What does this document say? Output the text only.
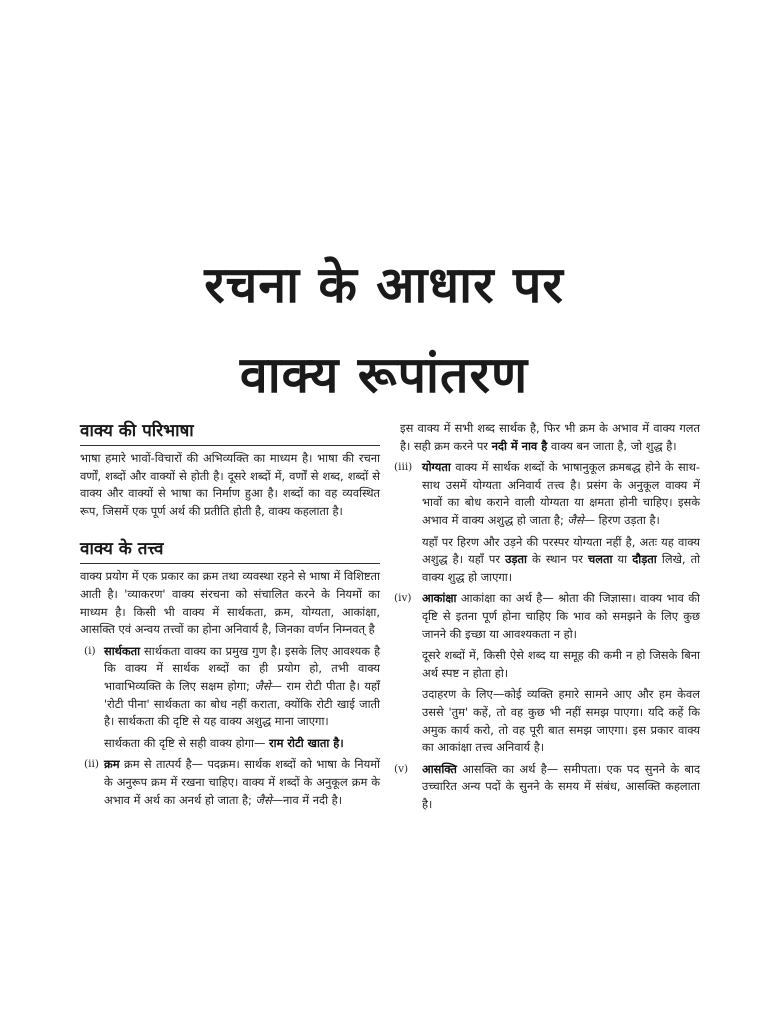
रचना के आधार पर
वाक्य रूपांतरण
वाक्य की परिभाषा

भाषा हमारे भावों-विचारों की अभिव्यक्ति का माध्यम है। भाषा की रचना वर्णों, शब्दों और वाक्यों से होती है। दूसरे शब्दों में, वर्णों से शब्द, शब्दों से वाक्य और वाक्यों से भाषा का निर्माण हुआ है। शब्दों का वह व्यवस्थित रूप, जिसमें एक पूर्ण अर्थ की प्रतीति होती है, वाक्य कहलाता है।

वाक्य के तत्त्व

वाक्य प्रयोग में एक प्रकार का क्रम तथा व्यवस्था रहने से भाषा में विशिष्टता आती है। 'व्याकरण' वाक्य संरचना को संचालित करने के नियमों का माध्यम है। किसी भी वाक्य में सार्थकता, क्रम, योग्यता, आकांक्षा, आसक्ति एवं अन्वय तत्त्वों का होना अनिवार्य है, जिनका वर्णन निम्नवत् है

(i) सार्थकता सार्थकता वाक्य का प्रमुख गुण है। इसके लिए आवश्यक है कि वाक्य में सार्थक शब्दों का ही प्रयोग हो, तभी वाक्य भावाभिव्यक्ति के लिए सक्षम होगा; जैसे— राम रोटी पीता है। यहाँ 'रोटी पीना' सार्थकता का बोध नहीं कराता, क्योंकि रोटी खाई जाती है। सार्थकता की दृष्टि से यह वाक्य अशुद्ध माना जाएगा।

सार्थकता की दृष्टि से सही वाक्य होगा— राम रोटी खाता है।

(ii) क्रम क्रम से तात्पर्य है— पदक्रम। सार्थक शब्दों को भाषा के नियमों के अनुरूप क्रम में रखना चाहिए। वाक्य में शब्दों के अनुकूल क्रम के अभाव में अर्थ का अनर्थ हो जाता है; जैसे—नाव में नदी है।

इस वाक्य में सभी शब्द सार्थक है, फिर भी क्रम के अभाव में वाक्य गलत है। सही क्रम करने पर नदी में नाव है वाक्य बन जाता है, जो शुद्ध है।

(iii) योग्यता वाक्य में सार्थक शब्दों के भाषानुकूल क्रमबद्ध होने के साथ-साथ उसमें योग्यता अनिवार्य तत्त्व है। प्रसंग के अनुकूल वाक्य में भावों का बोध कराने वाली योग्यता या क्षमता होनी चाहिए। इसके अभाव में वाक्य अशुद्ध हो जाता है; जैसे— हिरण उड़ता है।

यहाँ पर हिरण और उड़ने की परस्पर योग्यता नहीं है, अतः यह वाक्य अशुद्ध है। यहाँ पर उड़ता के स्थान पर चलता या दौड़ता लिखे, तो वाक्य शुद्ध हो जाएगा।

(iv) आकांक्षा आकांक्षा का अर्थ है— श्रोता की जिज्ञासा। वाक्य भाव की दृष्टि से इतना पूर्ण होना चाहिए कि भाव को समझने के लिए कुछ जानने की इच्छा या आवश्यकता न हो।

दूसरे शब्दों में, किसी ऐसे शब्द या समूह की कमी न हो जिसके बिना अर्थ स्पष्ट न होता हो।

उदाहरण के लिए—कोई व्यक्ति हमारे सामने आए और हम केवल उससे 'तुम' कहें, तो वह कुछ भी नहीं समझ पाएगा। यदि कहें कि अमुक कार्य करो, तो वह पूरी बात समझ जाएगा। इस प्रकार वाक्य का आकांक्षा तत्त्व अनिवार्य है।

(v) आसक्ति आसक्ति का अर्थ है— समीपता। एक पद सुनने के बाद उच्चारित अन्य पदों के सुनने के समय में संबंध, आसक्ति कहलाता है।
